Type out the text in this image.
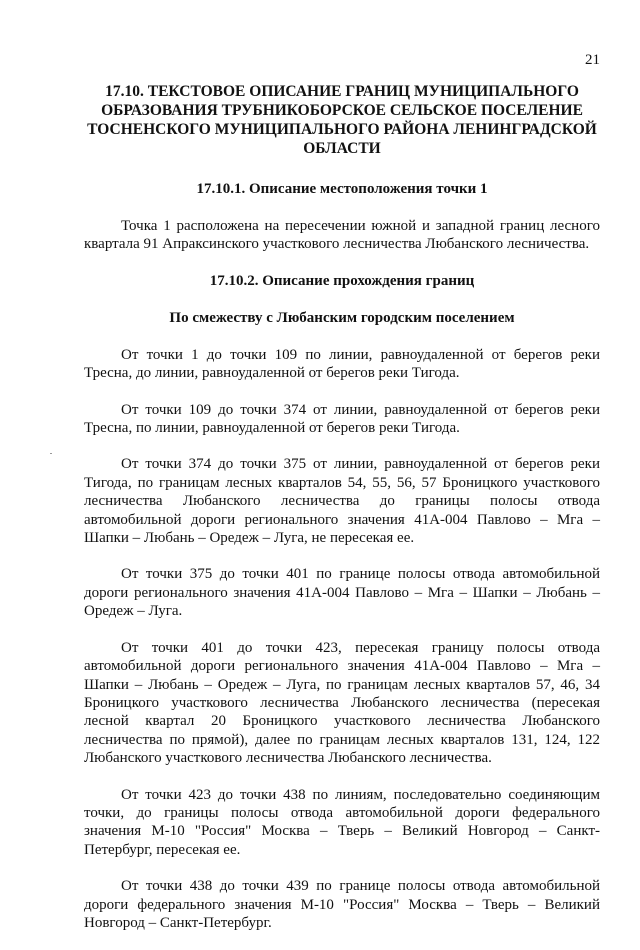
21
17.10. ТЕКСТОВОЕ ОПИСАНИЕ ГРАНИЦ МУНИЦИПАЛЬНОГО ОБРАЗОВАНИЯ ТРУБНИКОБОРСКОЕ СЕЛЬСКОЕ ПОСЕЛЕНИЕ ТОСНЕНСКОГО МУНИЦИПАЛЬНОГО РАЙОНА ЛЕНИНГРАДСКОЙ ОБЛАСТИ
17.10.1. Описание местоположения точки 1

Точка 1 расположена на пересечении южной и западной границ лесного квартала 91 Апраксинского участкового лесничества Любанского лесничества.

17.10.2. Описание прохождения границ
По смежеству с Любанским городским поселением

От точки 1 до точки 109 по линии, равноудаленной от берегов реки Тресна, до линии, равноудаленной от берегов реки Тигода.

От точки 109 до точки 374 от линии, равноудаленной от берегов реки Тресна, по линии, равноудаленной от берегов реки Тигода.

От точки 374 до точки 375 от линии, равноудаленной от берегов реки Тигода, по границам лесных кварталов 54, 55, 56, 57 Броницкого участкового лесничества Любанского лесничества до границы полосы отвода автомобильной дороги регионального значения 41А-004 Павлово – Мга – Шапки – Любань – Оредеж – Луга, не пересекая ее.

От точки 375 до точки 401 по границе полосы отвода автомобильной дороги регионального значения 41А-004 Павлово – Мга – Шапки – Любань – Оредеж – Луга.

От точки 401 до точки 423, пересекая границу полосы отвода автомобильной дороги регионального значения 41А-004 Павлово – Мга – Шапки – Любань – Оредеж – Луга, по границам лесных кварталов 57, 46, 34 Броницкого участкового лесничества Любанского лесничества (пересекая лесной квартал 20 Броницкого участкового лесничества Любанского лесничества по прямой), далее по границам лесных кварталов 131, 124, 122 Любанского участкового лесничества Любанского лесничества.

От точки 423 до точки 438 по линиям, последовательно соединяющим точки, до границы полосы отвода автомобильной дороги федерального значения М-10 "Россия" Москва – Тверь – Великий Новгород – Санкт-Петербург, пересекая ее.

От точки 438 до точки 439 по границе полосы отвода автомобильной дороги федерального значения М-10 "Россия" Москва – Тверь – Великий Новгород – Санкт-Петербург.
